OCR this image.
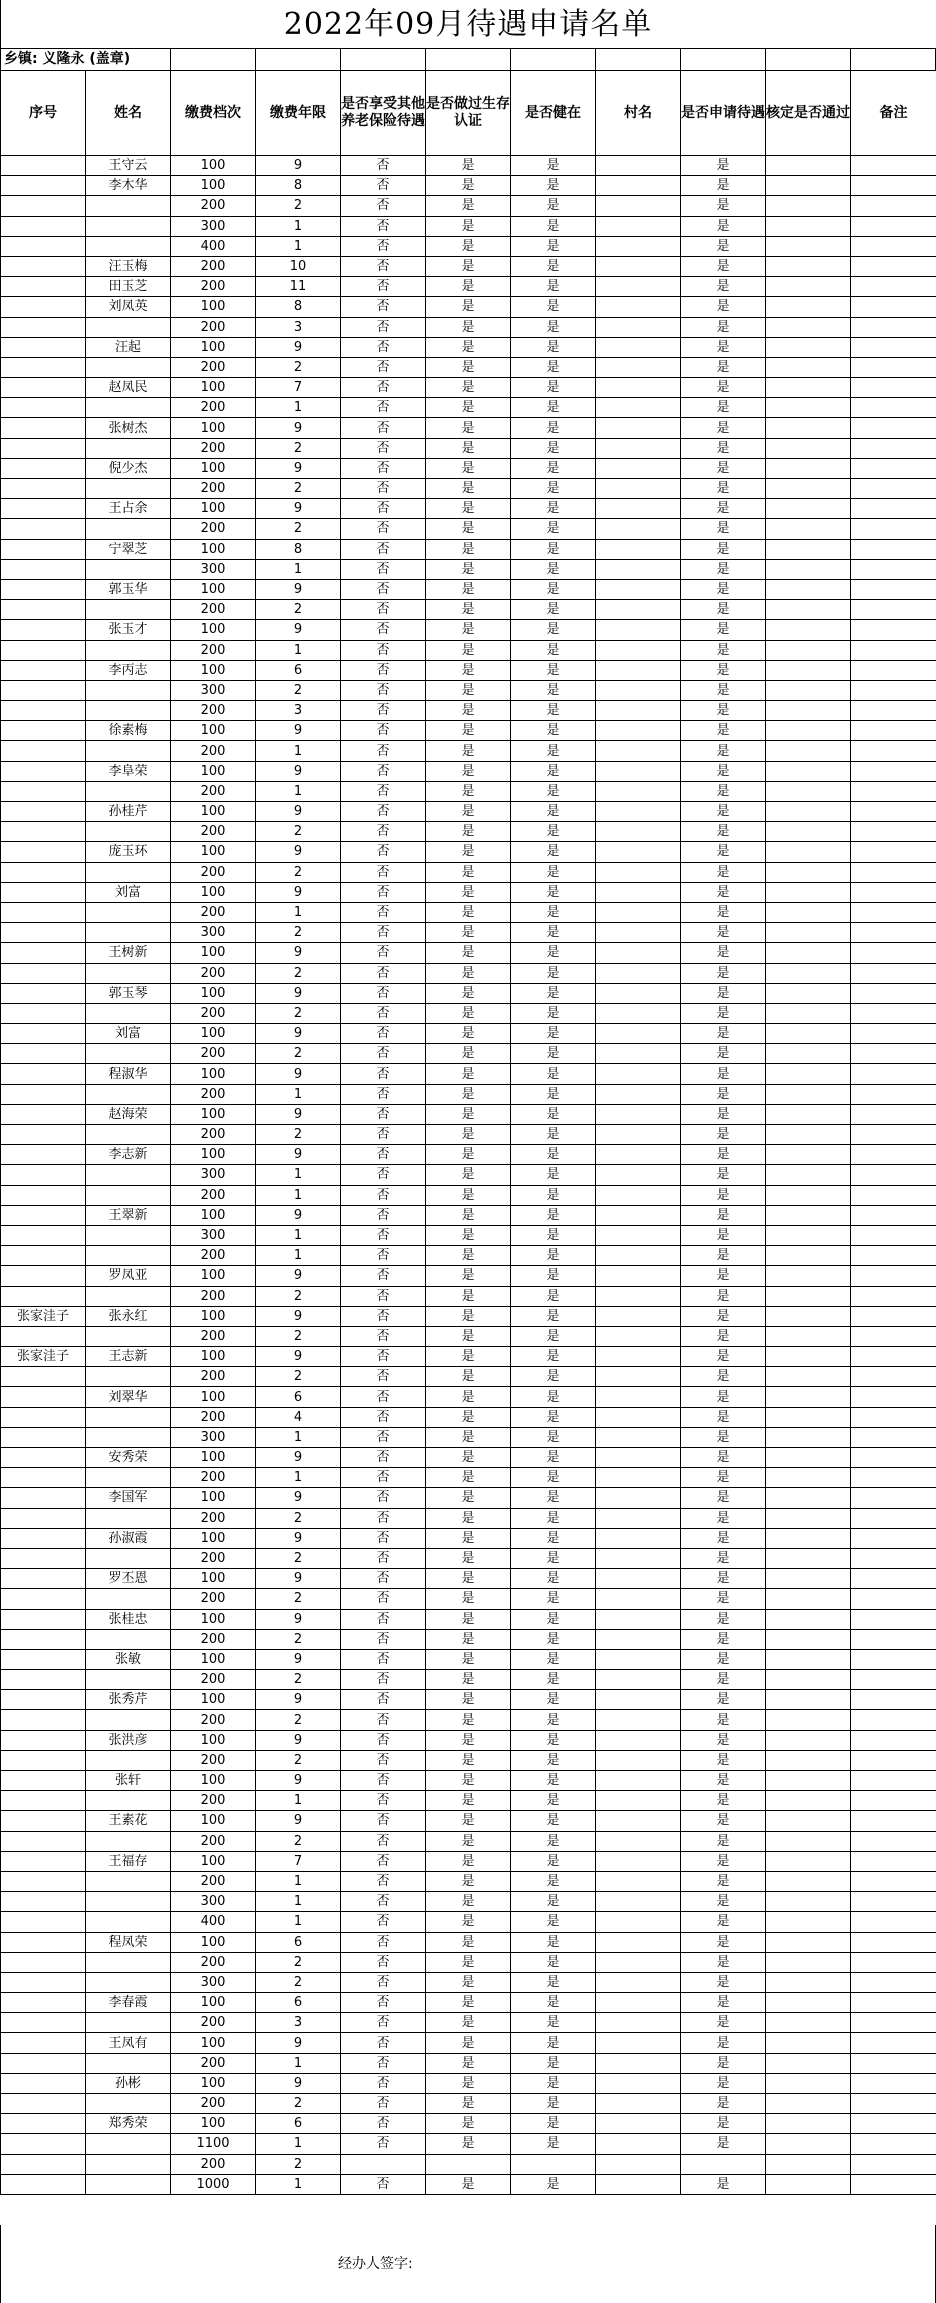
2022年09月待遇申请名单
乡镇: 义隆永 (盖章)
序号	姓名	缴费档次	缴费年限	是否享受其他养老保险待遇	是否做过生存认证	是否健在	村名	是否申请待遇	核定是否通过	备注
	王守云	100	9	否	是	是		是		
	李木华	100	8	否	是	是		是		
		200	2	否	是	是		是		
		300	1	否	是	是		是		
		400	1	否	是	是		是		
	汪玉梅	200	10	否	是	是		是		
	田玉芝	200	11	否	是	是		是		
	刘凤英	100	8	否	是	是		是		
		200	3	否	是	是		是		
	汪起	100	9	否	是	是		是		
		200	2	否	是	是		是		
	赵凤民	100	7	否	是	是		是		
		200	1	否	是	是		是		
	张树杰	100	9	否	是	是		是		
		200	2	否	是	是		是		
	倪少杰	100	9	否	是	是		是		
		200	2	否	是	是		是		
	王占余	100	9	否	是	是		是		
		200	2	否	是	是		是		
	宁翠芝	100	8	否	是	是		是		
		300	1	否	是	是		是		
	郭玉华	100	9	否	是	是		是		
		200	2	否	是	是		是		
	张玉才	100	9	否	是	是		是		
		200	1	否	是	是		是		
	李丙志	100	6	否	是	是		是		
		300	2	否	是	是		是		
		200	3	否	是	是		是		
	徐素梅	100	9	否	是	是		是		
		200	1	否	是	是		是		
	李阜荣	100	9	否	是	是		是		
		200	1	否	是	是		是		
	孙桂芹	100	9	否	是	是		是		
		200	2	否	是	是		是		
	庞玉环	100	9	否	是	是		是		
		200	2	否	是	是		是		
	刘富	100	9	否	是	是		是		
		200	1	否	是	是		是		
		300	2	否	是	是		是		
	王树新	100	9	否	是	是		是		
		200	2	否	是	是		是		
	郭玉琴	100	9	否	是	是		是		
		200	2	否	是	是		是		
	刘富	100	9	否	是	是		是		
		200	2	否	是	是		是		
	程淑华	100	9	否	是	是		是		
		200	1	否	是	是		是		
	赵海荣	100	9	否	是	是		是		
		200	2	否	是	是		是		
	李志新	100	9	否	是	是		是		
		300	1	否	是	是		是		
		200	1	否	是	是		是		
	王翠新	100	9	否	是	是		是		
		300	1	否	是	是		是		
		200	1	否	是	是		是		
	罗凤亚	100	9	否	是	是		是		
		200	2	否	是	是		是		
张家洼子	张永红	100	9	否	是	是		是		
		200	2	否	是	是		是		
张家洼子	王志新	100	9	否	是	是		是		
		200	2	否	是	是		是		
	刘翠华	100	6	否	是	是		是		
		200	4	否	是	是		是		
		300	1	否	是	是		是		
	安秀荣	100	9	否	是	是		是		
		200	1	否	是	是		是		
	李国军	100	9	否	是	是		是		
		200	2	否	是	是		是		
	孙淑霞	100	9	否	是	是		是		
		200	2	否	是	是		是		
	罗丕恩	100	9	否	是	是		是		
		200	2	否	是	是		是		
	张桂忠	100	9	否	是	是		是		
		200	2	否	是	是		是		
	张敏	100	9	否	是	是		是		
		200	2	否	是	是		是		
	张秀芹	100	9	否	是	是		是		
		200	2	否	是	是		是		
	张洪彦	100	9	否	是	是		是		
		200	2	否	是	是		是		
	张轩	100	9	否	是	是		是		
		200	1	否	是	是		是		
	王素花	100	9	否	是	是		是		
		200	2	否	是	是		是		
	王福存	100	7	否	是	是		是		
		200	1	否	是	是		是		
		300	1	否	是	是		是		
		400	1	否	是	是		是		
	程凤荣	100	6	否	是	是		是		
		200	2	否	是	是		是		
		300	2	否	是	是		是		
	李春霞	100	6	否	是	是		是		
		200	3	否	是	是		是		
	王凤有	100	9	否	是	是		是		
		200	1	否	是	是		是		
	孙彬	100	9	否	是	是		是		
		200	2	否	是	是		是		
	郑秀荣	100	6	否	是	是		是		
		1100	1	否	是	是		是		
		200	2							
		1000	1	否	是	是		是		
经办人签字:
